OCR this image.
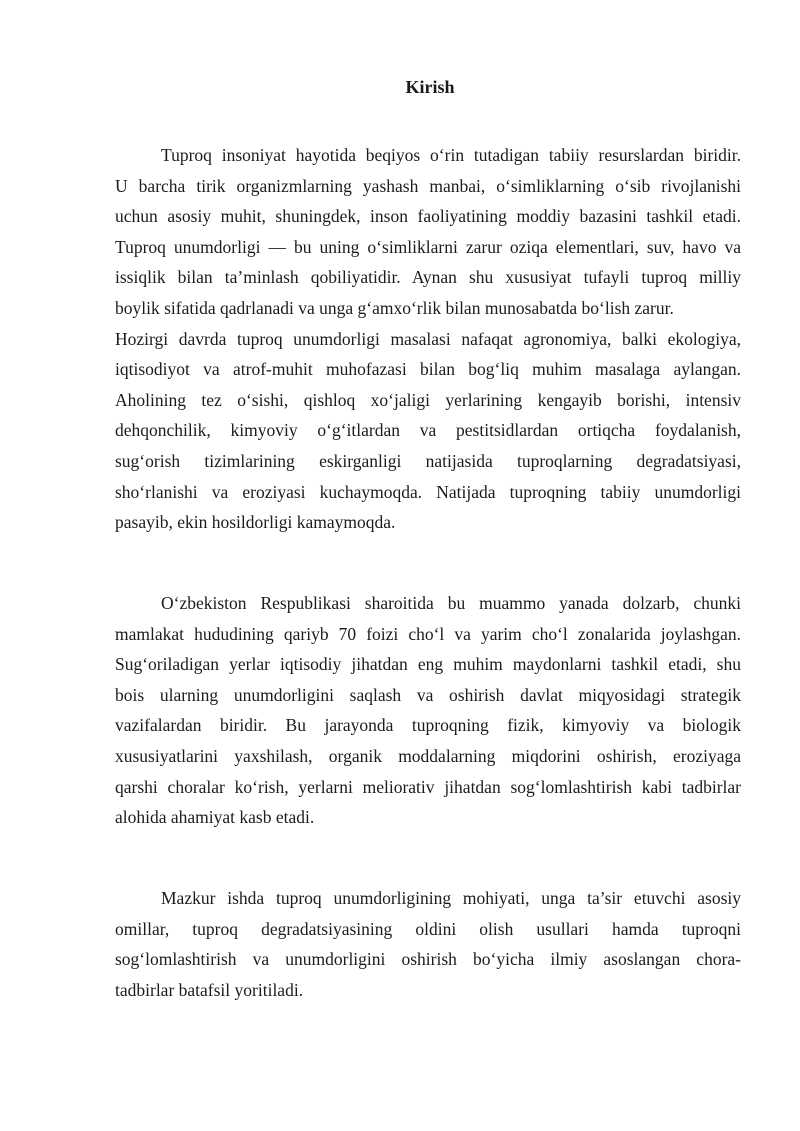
Kirish
Tuproq insoniyat hayotida beqiyos o‘rin tutadigan tabiiy resurslardan biridir.
U barcha tirik organizmlarning yashash manbai, o‘simliklarning o‘sib rivojlanishi
uchun asosiy muhit, shuningdek, inson faoliyatining moddiy bazasini tashkil etadi.
Tuproq unumdorligi — bu uning o‘simliklarni zarur oziqa elementlari, suv, havo va
issiqlik bilan ta’minlash qobiliyatidir. Aynan shu xususiyat tufayli tuproq milliy
boylik sifatida qadrlanadi va unga g‘amxo‘rlik bilan munosabatda bo‘lish zarur.
Hozirgi davrda tuproq unumdorligi masalasi nafaqat agronomiya, balki ekologiya,
iqtisodiyot va atrof-muhit muhofazasi bilan bog‘liq muhim masalaga aylangan.
Aholining tez o‘sishi, qishloq xo‘jaligi yerlarining kengayib borishi, intensiv
dehqonchilik, kimyoviy o‘g‘itlardan va pestitsidlardan ortiqcha foydalanish,
sug‘orish tizimlarining eskirganligi natijasida tuproqlarning degradatsiyasi,
sho‘rlanishi va eroziyasi kuchaymoqda. Natijada tuproqning tabiiy unumdorligi
pasayib, ekin hosildorligi kamaymoqda.
O‘zbekiston Respublikasi sharoitida bu muammo yanada dolzarb, chunki
mamlakat hududining qariyb 70 foizi cho‘l va yarim cho‘l zonalarida joylashgan.
Sug‘oriladigan yerlar iqtisodiy jihatdan eng muhim maydonlarni tashkil etadi, shu
bois ularning unumdorligini saqlash va oshirish davlat miqyosidagi strategik
vazifalardan biridir. Bu jarayonda tuproqning fizik, kimyoviy va biologik
xususiyatlarini yaxshilash, organik moddalarning miqdorini oshirish, eroziyaga
qarshi choralar ko‘rish, yerlarni meliorativ jihatdan sog‘lomlashtirish kabi tadbirlar
alohida ahamiyat kasb etadi.
Mazkur ishda tuproq unumdorligining mohiyati, unga ta’sir etuvchi asosiy
omillar, tuproq degradatsiyasining oldini olish usullari hamda tuproqni
sog‘lomlashtirish va unumdorligini oshirish bo‘yicha ilmiy asoslangan chora-
tadbirlar batafsil yoritiladi.
